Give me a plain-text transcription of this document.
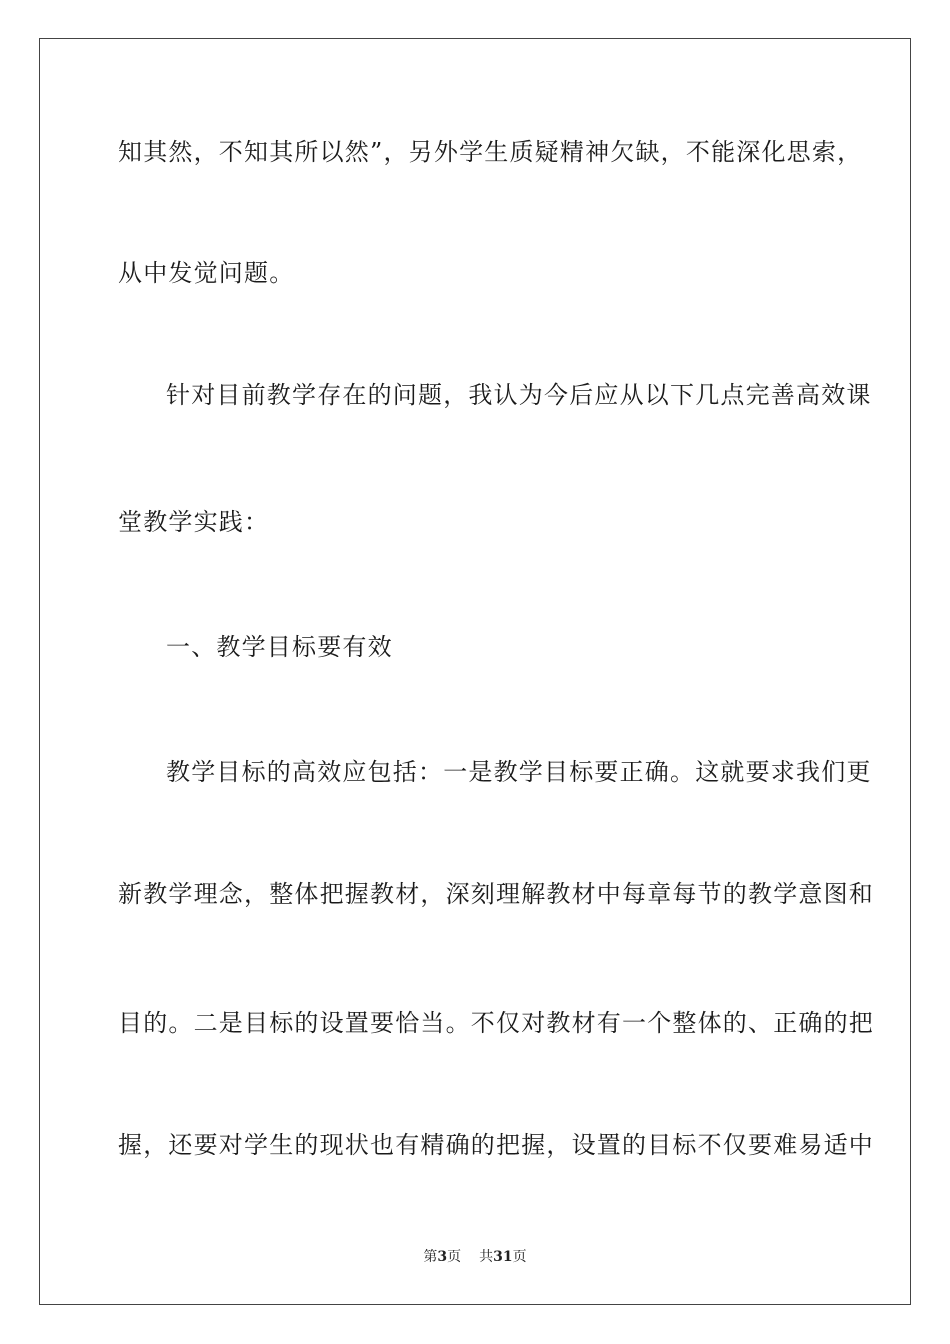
知其然，不知其所以然”，另外学生质疑精神欠缺，不能深化思索，
从中发觉问题。
针对目前教学存在的问题，我认为今后应从以下几点完善高效课
堂教学实践：
一、教学目标要有效
教学目标的高效应包括：一是教学目标要正确。这就要求我们更
新教学理念，整体把握教材，深刻理解教材中每章每节的教学意图和
目的。二是目标的设置要恰当。不仅对教材有一个整体的、正确的把
握，还要对学生的现状也有精确的把握，设置的目标不仅要难易适中
第3页 共31页
